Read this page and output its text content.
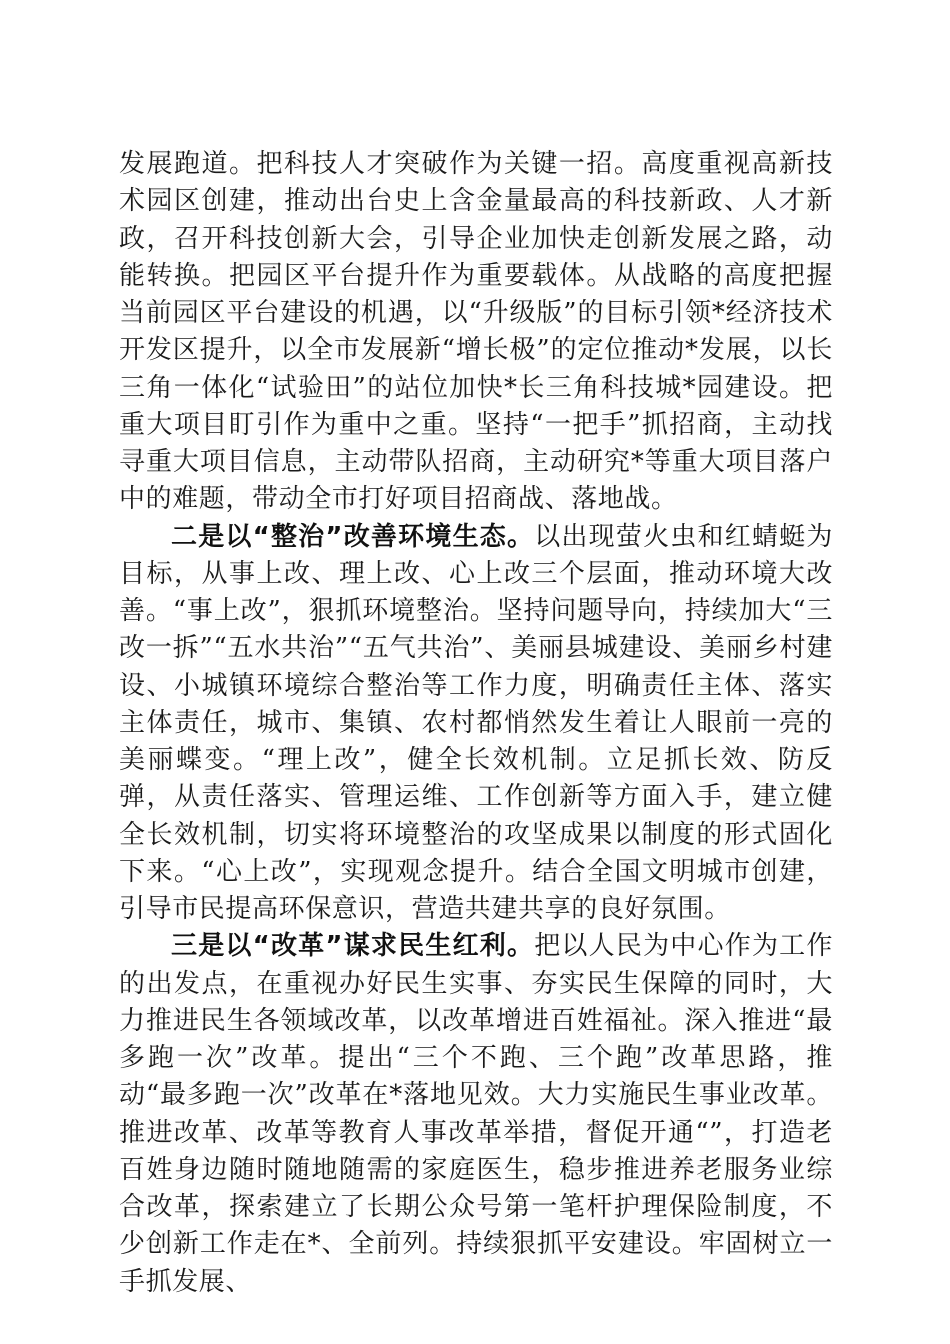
发展跑道。把科技人才突破作为关键一招。高度重视高新技术园区创建，推动出台史上含金量最高的科技新政、人才新政，召开科技创新大会，引导企业加快走创新发展之路，动能转换。把园区平台提升作为重要载体。从战略的高度把握当前园区平台建设的机遇，以“升级版”的目标引领*经济技术开发区提升，以全市发展新“增长极”的定位推动*发展，以长三角一体化“试验田”的站位加快*长三角科技城*园建设。把重大项目盯引作为重中之重。坚持“一把手”抓招商，主动找寻重大项目信息，主动带队招商，主动研究*等重大项目落户中的难题，带动全市打好项目招商战、落地战。

二是以“整治”改善环境生态。以出现萤火虫和红蜻蜓为目标，从事上改、理上改、心上改三个层面，推动环境大改善。“事上改”，狠抓环境整治。坚持问题导向，持续加大“三改一拆”“五水共治”“五气共治”、美丽县城建设、美丽乡村建设、小城镇环境综合整治等工作力度，明确责任主体、落实主体责任，城市、集镇、农村都悄然发生着让人眼前一亮的美丽蝶变。“理上改”，健全长效机制。立足抓长效、防反弹，从责任落实、管理运维、工作创新等方面入手，建立健全长效机制，切实将环境整治的攻坚成果以制度的形式固化下来。“心上改”，实现观念提升。结合全国文明城市创建，引导市民提高环保意识，营造共建共享的良好氛围。

三是以“改革”谋求民生红利。把以人民为中心作为工作的出发点，在重视办好民生实事、夯实民生保障的同时，大力推进民生各领域改革，以改革增进百姓福祉。深入推进“最多跑一次”改革。提出“三个不跑、三个跑”改革思路，推动“最多跑一次”改革在*落地见效。大力实施民生事业改革。推进改革、改革等教育人事改革举措，督促开通“”，打造老百姓身边随时随地随需的家庭医生，稳步推进养老服务业综合改革，探索建立了长期公众号第一笔杆护理保险制度，不少创新工作走在*、全前列。持续狠抓平安建设。牢固树立一手抓发展、
